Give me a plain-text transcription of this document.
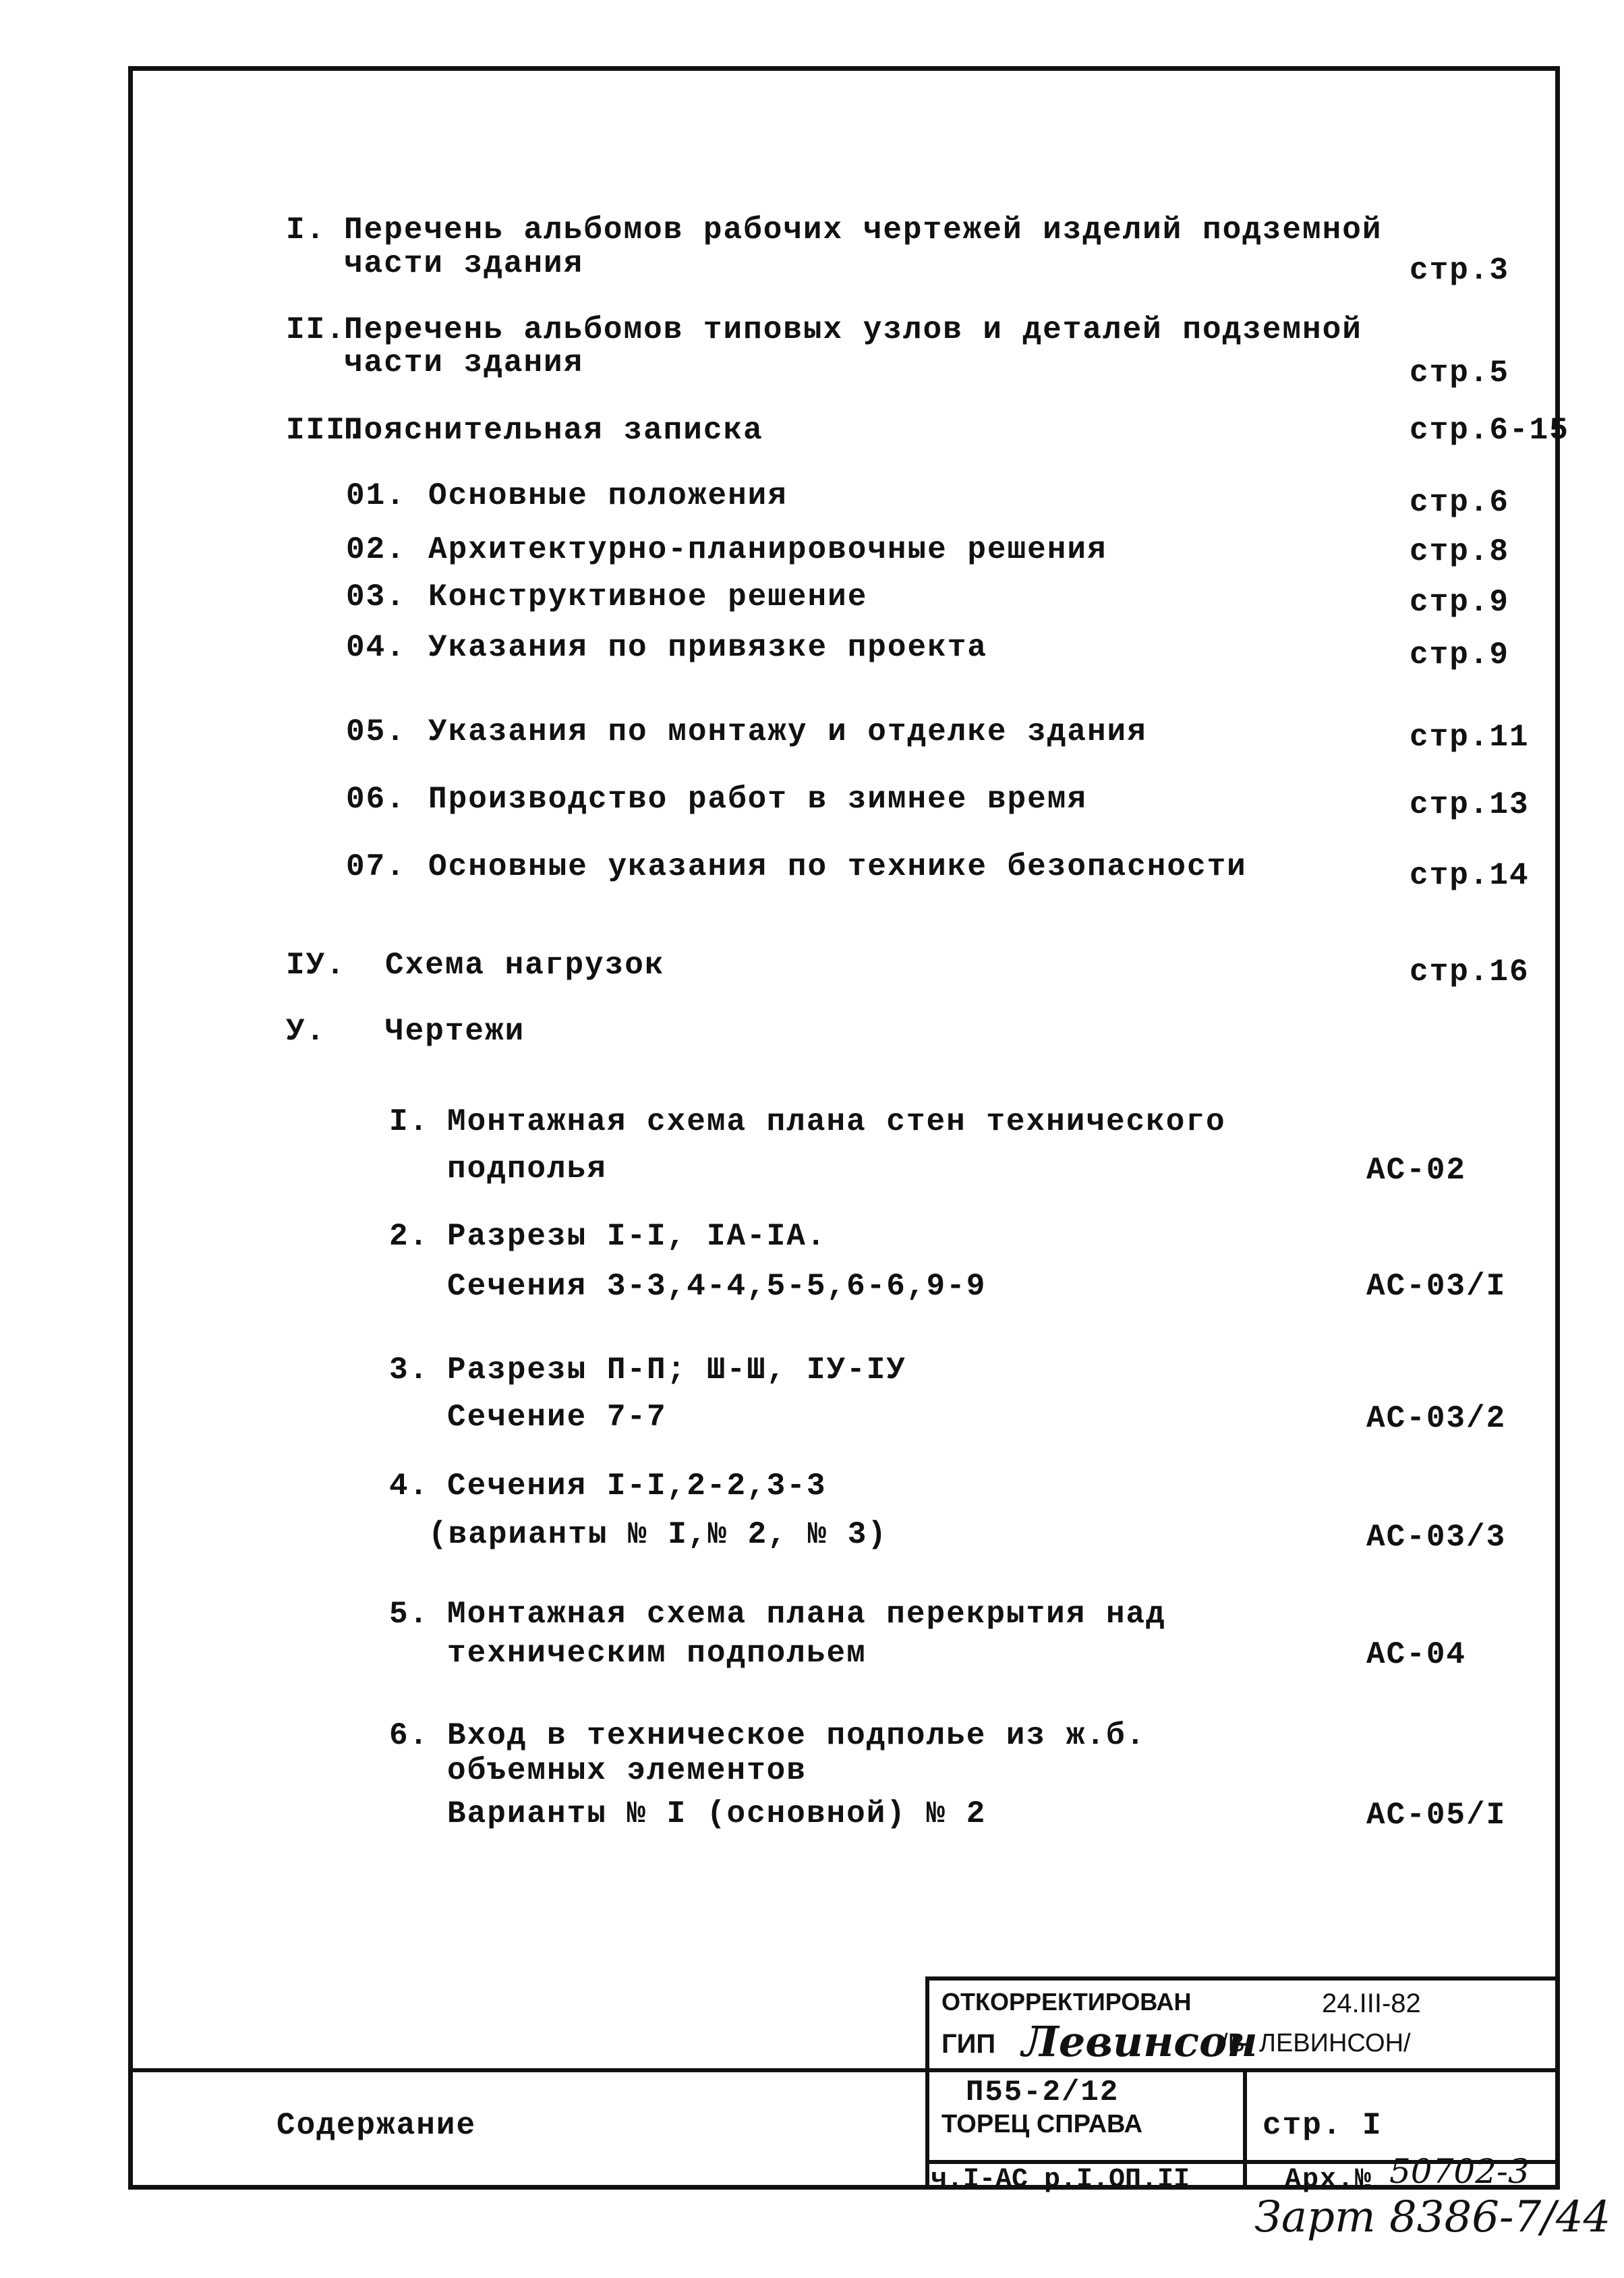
I. Перечень альбомов рабочих чертежей изделий подземной
части здания	стр.3
II.
Перечень альбомов типовых узлов и деталей подземной
части здания	стр.5
III.
Пояснительная записка	стр.6-15
01. Основные положения	стр.6
02. Архитектурно-планировочные решения	стр.8
03. Конструктивное решение	стр.9
04. Указания по привязке проекта	стр.9
05. Указания по монтажу и отделке здания	стр.11
06. Производство работ в зимнее время	стр.13
07. Основные указания по технике безопасности	стр.14
IУ. Схема нагрузок	стр.16
У. Чертежи
I. Монтажная схема плана стен технического
подполья	АС-02
2. Разрезы I-I, IA-IA.
Сечения 3-3,4-4,5-5,6-6,9-9	АС-03/I
3. Разрезы П-П; Ш-Ш, IУ-IУ
Сечение 7-7	АС-03/2
4. Сечения I-I,2-2,3-3
(варианты № I,№ 2, № 3)	АС-03/3
5. Монтажная схема плана перекрытия над
техническим подпольем	АС-04
6. Вход в техническое подполье из ж.б.
объемных элементов
Варианты № I (основной) № 2	АС-05/I
ОТКОРРЕКТИРОВАН	24.III-82
ГИП Левинсон
/В. ЛЕВИНСОН/
П55-2/12
ТОРЕЦ СПРАВА	стр. I
ч.I-АС р.I.ОП.II	Арх.№ 50702-3
Зарт 8386-7/44
Содержание
